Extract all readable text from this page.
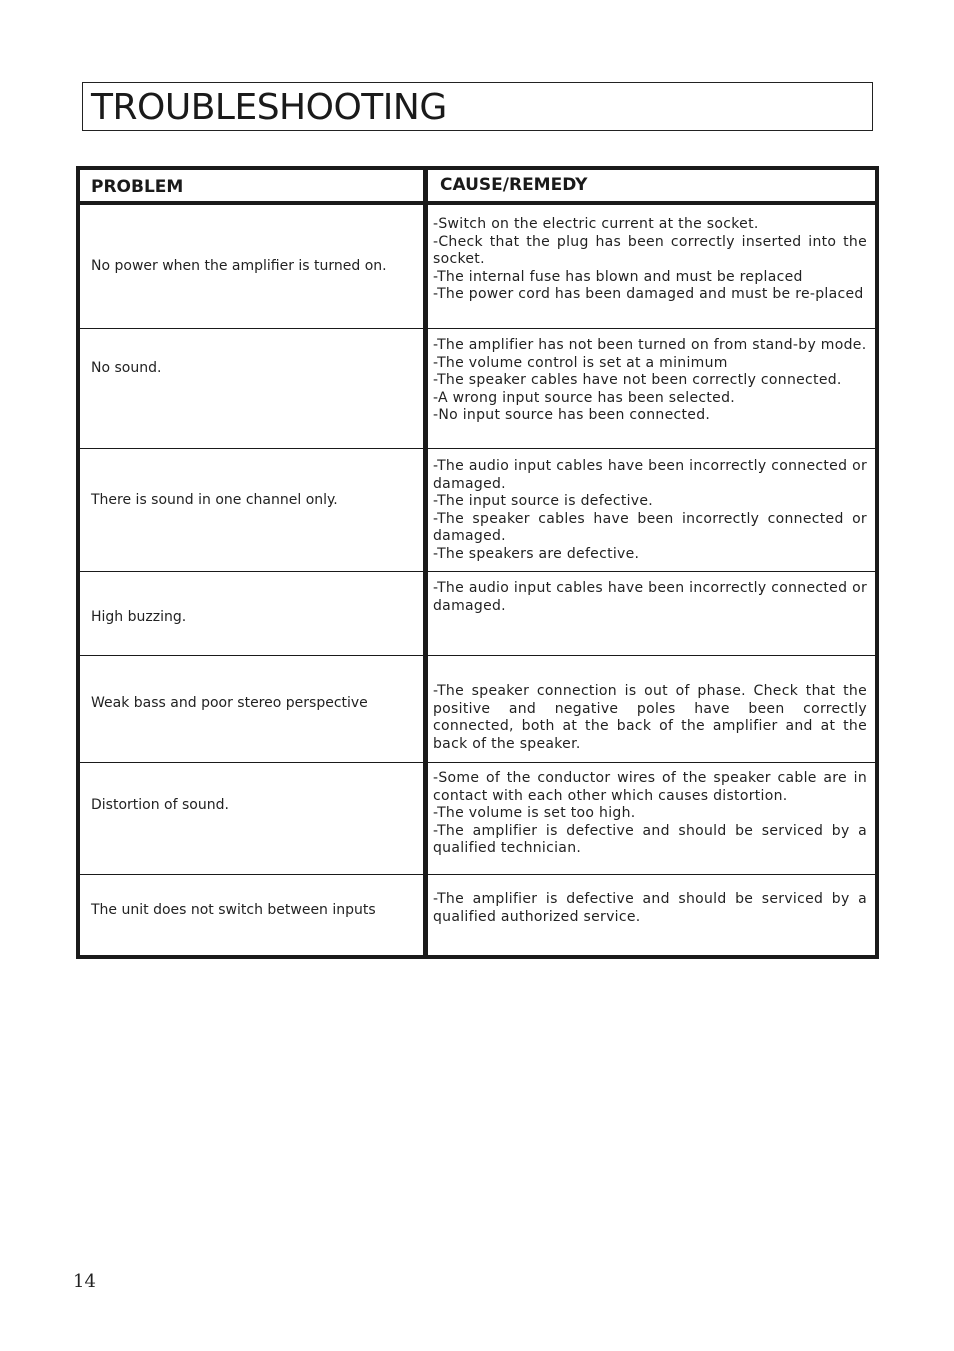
TROUBLESHOOTING
PROBLEM	CAUSE/REMEDY
No power when the amplifier is turned on.
-Switch on the electric current at the socket.
-Check that the plug has been correctly inserted into the socket.
-The internal fuse has blown and must be replaced
-The power cord has been damaged and must be re-placed
No sound.
-The amplifier has not been turned on from stand-by mode.
-The volume control is set at a minimum
-The speaker cables have not been correctly connected.
-A wrong input source has been selected.
-No input source has been connected.
There is sound in one channel only.
-The audio input cables have been incorrectly connected or damaged.
-The input source is defective.
-The speaker cables have been incorrectly connected or damaged.
-The speakers are defective.
High buzzing.
-The audio input cables have been incorrectly connected or damaged.
Weak bass and poor stereo perspective
-The speaker connection is out of phase. Check that the positive and negative poles have been correctly connected, both at the back of the amplifier and at the back of the speaker.
Distortion of sound.
-Some of the conductor wires of the speaker cable are in contact with each other which causes distortion.
-The volume is set too high.
-The amplifier is defective and should be serviced by a qualified technician.
The unit does not switch between inputs
-The amplifier is defective and should be serviced by a qualified authorized service.
14
